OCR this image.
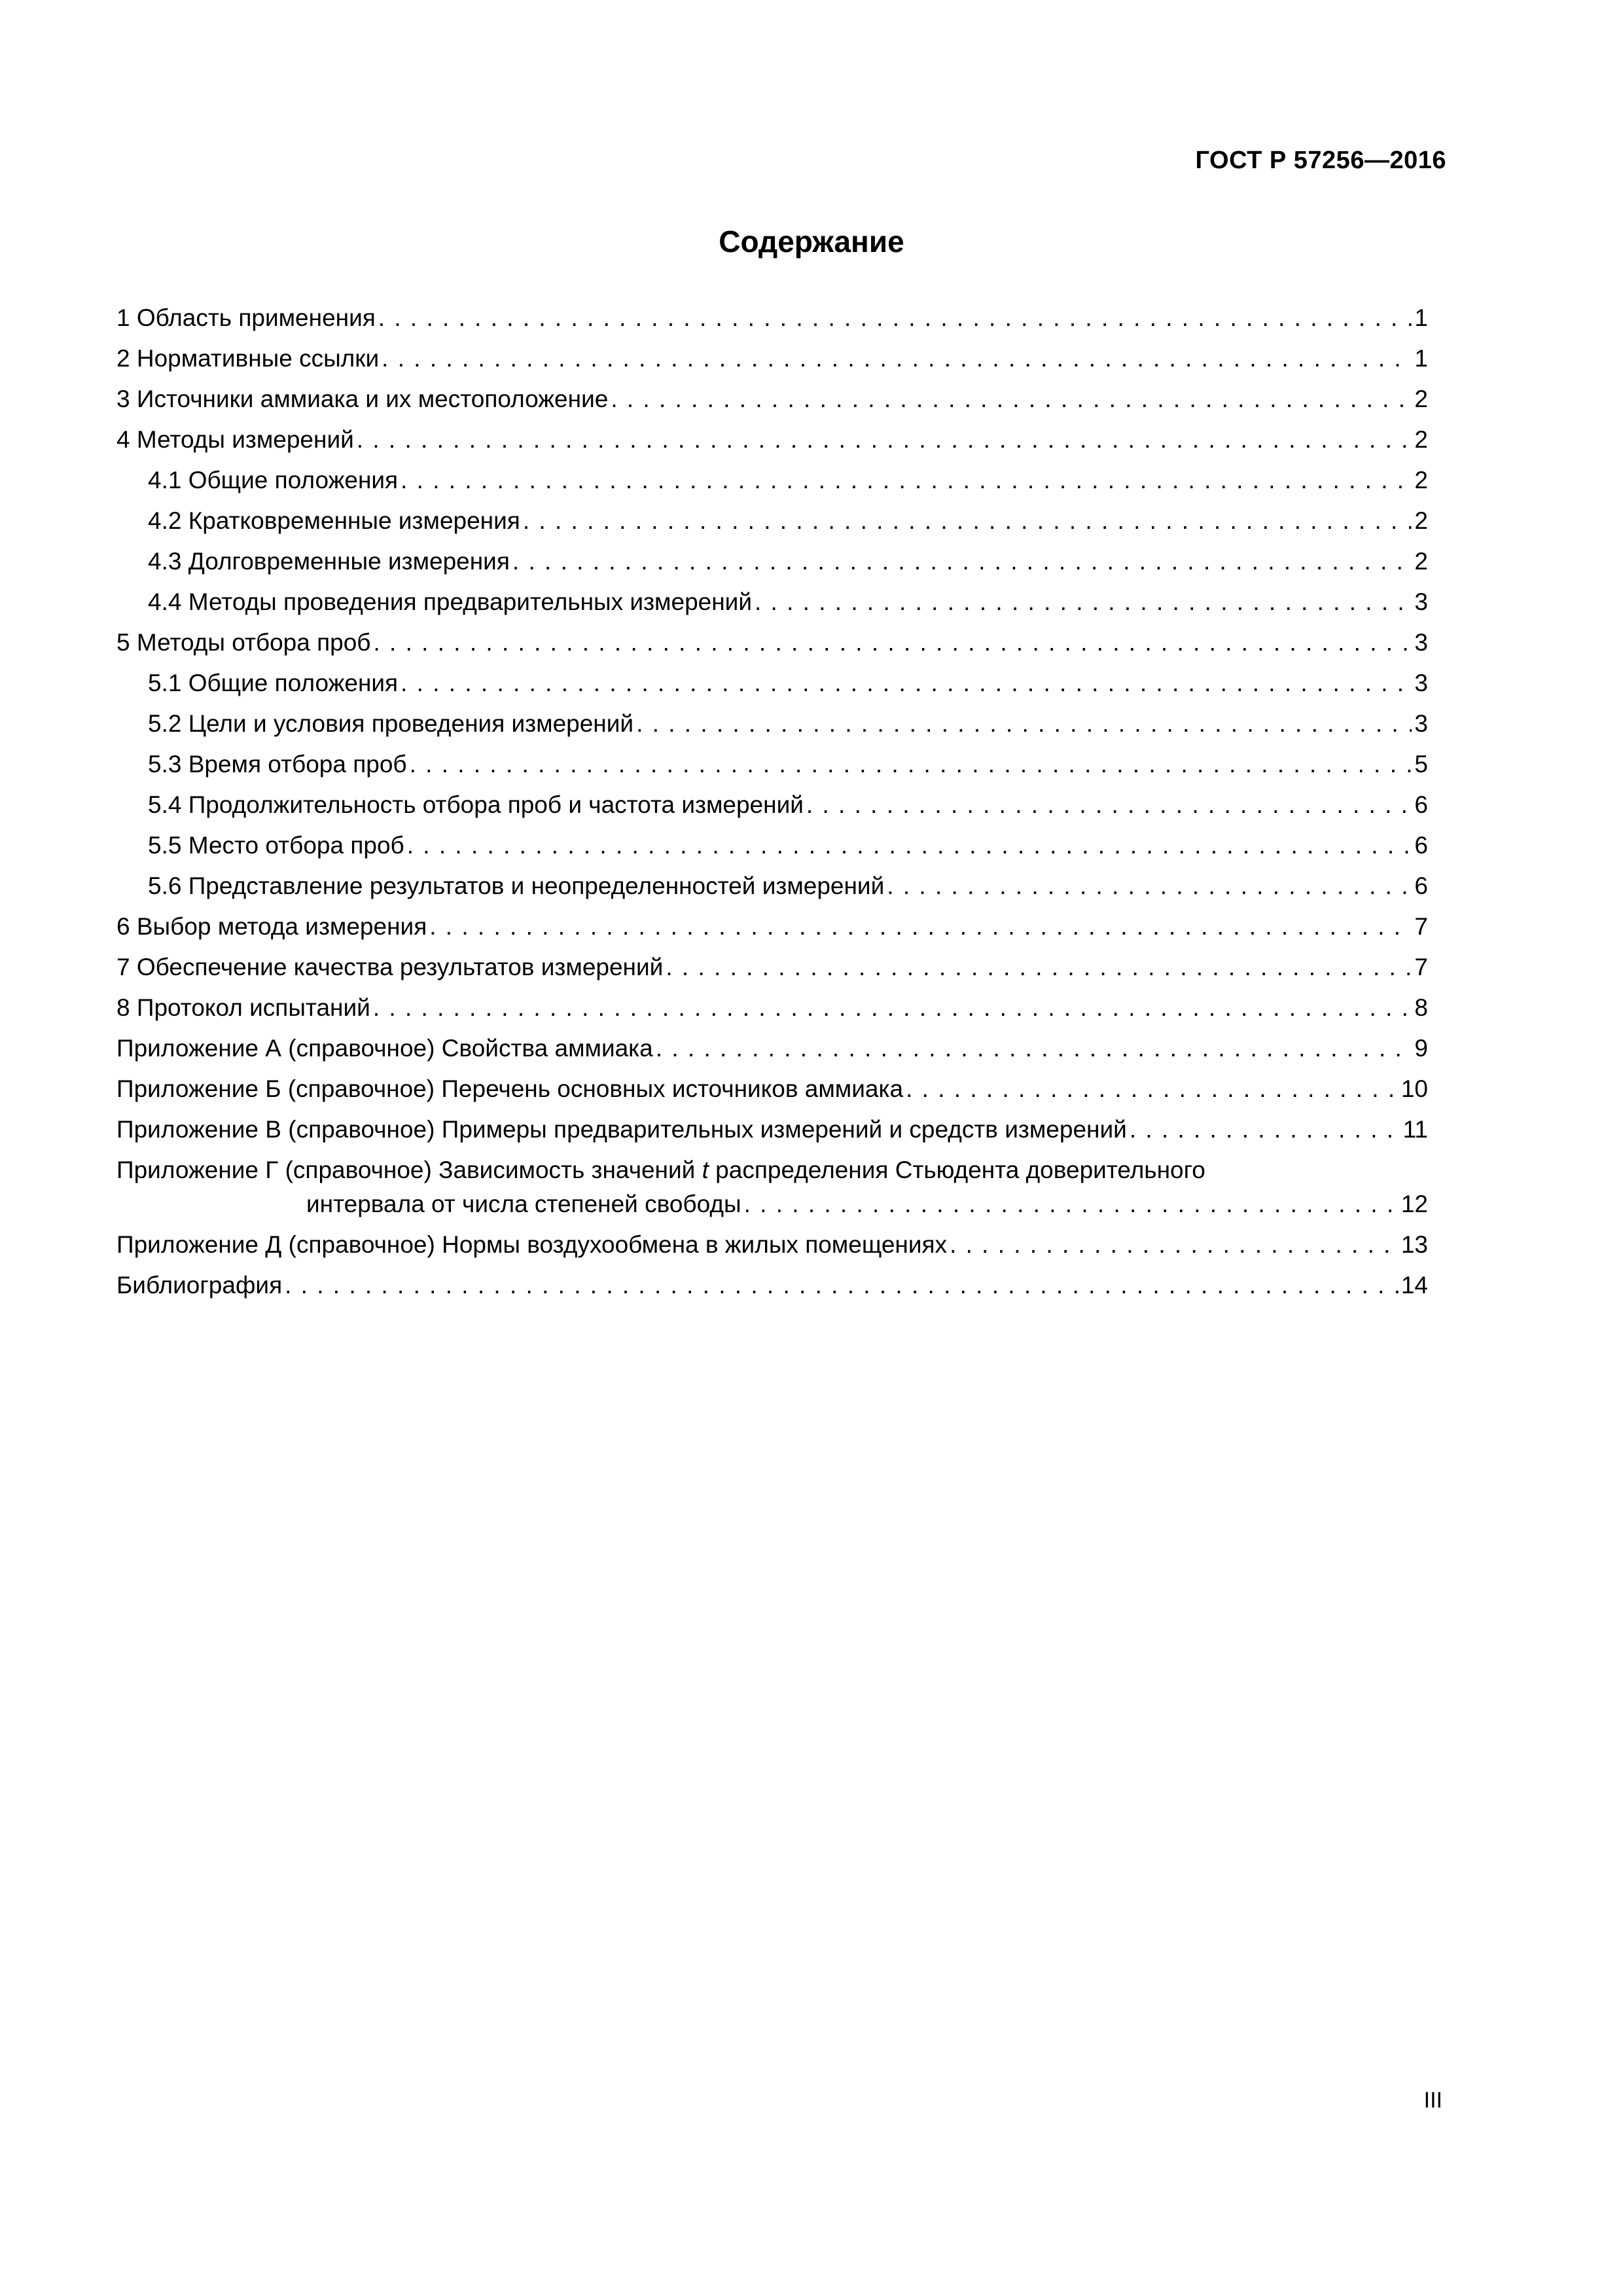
ГОСТ Р 57256—2016
Содержание
1 Область применения . . .	1
2 Нормативные ссылки . . .	1
3 Источники аммиака и их местоположение . . .	2
4 Методы измерений . . .	2
4.1 Общие положения . . .	2
4.2 Кратковременные измерения . . .	2
4.3 Долговременные измерения . . .	2
4.4 Методы проведения предварительных измерений . . .	3
5 Методы отбора проб . . .	3
5.1 Общие положения . . .	3
5.2 Цели и условия проведения измерений . . .	3
5.3 Время отбора проб . . .	5
5.4 Продолжительность отбора проб и частота измерений . . .	6
5.5 Место отбора проб . . .	6
5.6 Представление результатов и неопределенностей измерений . . .	6
6 Выбор метода измерения . . .	7
7 Обеспечение качества результатов измерений . . .	7
8 Протокол испытаний . . .	8
Приложение А (справочное) Свойства аммиака . . .	9
Приложение Б (справочное) Перечень основных источников аммиака . . .	10
Приложение В (справочное) Примеры предварительных измерений и средств измерений . . .	11
Приложение Г (справочное) Зависимость значений t распределения Стьюдента доверительного
интервала от числа степеней свободы . . .	12
Приложение Д (справочное) Нормы воздухообмена в жилых помещениях . . .	13
Библиография . . .	14
III
